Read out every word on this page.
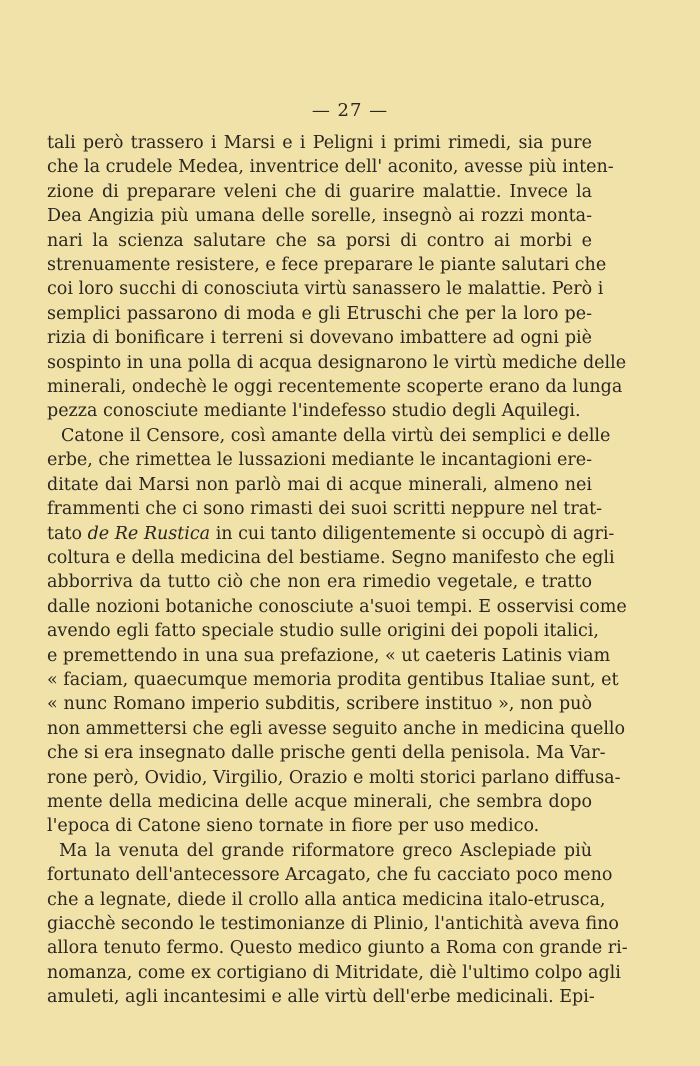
— 27 —
tali però trassero i Marsi e i Peligni i primi rimedi, sia pure
che la crudele Medea, inventrice dell' aconito, avesse più inten-
zione di preparare veleni che di guarire malattie. Invece la
Dea Angizia più umana delle sorelle, insegnò ai rozzi monta-
nari la scienza salutare che sa porsi di contro ai morbi e
strenuamente resistere, e fece preparare le piante salutari che
coi loro succhi di conosciuta virtù sanassero le malattie. Però i
semplici passarono di moda e gli Etruschi che per la loro pe-
rizia di bonificare i terreni si dovevano imbattere ad ogni piè
sospinto in una polla di acqua designarono le virtù mediche delle
minerali, ondechè le oggi recentemente scoperte erano da lunga
pezza conosciute mediante l'indefesso studio degli Aquilegi.
Catone il Censore, così amante della virtù dei semplici e delle
erbe, che rimettea le lussazioni mediante le incantagioni ere-
ditate dai Marsi non parlò mai di acque minerali, almeno nei
frammenti che ci sono rimasti dei suoi scritti neppure nel trat-
tato de Re Rustica in cui tanto diligentemente si occupò di agri-
coltura e della medicina del bestiame. Segno manifesto che egli
abborriva da tutto ciò che non era rimedio vegetale, e tratto
dalle nozioni botaniche conosciute a'suoi tempi. E osservisi come
avendo egli fatto speciale studio sulle origini dei popoli italici,
e premettendo in una sua prefazione, « ut caeteris Latinis viam
« faciam, quaecumque memoria prodita gentibus Italiae sunt, et
« nunc Romano imperio subditis, scribere instituo », non può
non ammettersi che egli avesse seguito anche in medicina quello
che si era insegnato dalle prische genti della penisola. Ma Var-
rone però, Ovidio, Virgilio, Orazio e molti storici parlano diffusa-
mente della medicina delle acque minerali, che sembra dopo
l'epoca di Catone sieno tornate in fiore per uso medico.
Ma la venuta del grande riformatore greco Asclepiade più
fortunato dell'antecessore Arcagato, che fu cacciato poco meno
che a legnate, diede il crollo alla antica medicina italo-etrusca,
giacchè secondo le testimonianze di Plinio, l'antichità aveva fino
allora tenuto fermo. Questo medico giunto a Roma con grande ri-
nomanza, come ex cortigiano di Mitridate, diè l'ultimo colpo agli
amuleti, agli incantesimi e alle virtù dell'erbe medicinali. Epi-
